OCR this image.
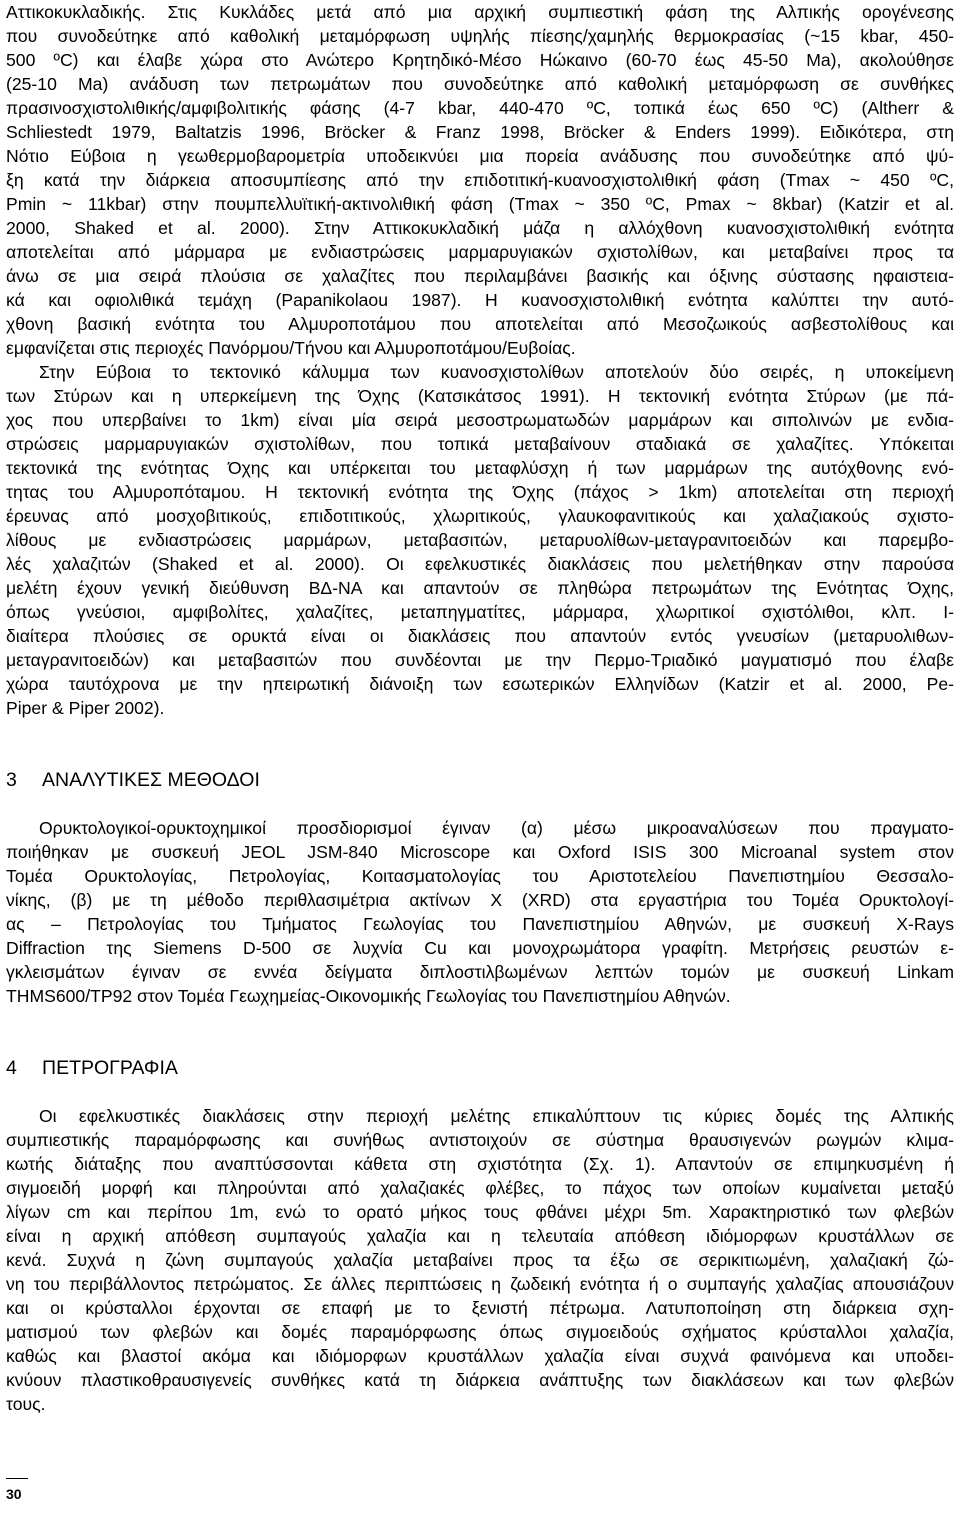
Αττικοκυκλαδικής. Στις Κυκλάδες μετά από μια αρχική συμπιεστική φάση της Αλπικής ορογένεσης
που συνοδεύτηκε από καθολική μεταμόρφωση υψηλής πίεσης/χαμηλής θερμοκρασίας (~15 kbar, 450-
500 ºC) και έλαβε χώρα στο Ανώτερο Κρητηδικό-Μέσο Ηώκαινο (60-70 έως 45-50 Ma), ακολούθησε
(25-10 Ma) ανάδυση των πετρωμάτων που συνοδεύτηκε από καθολική μεταμόρφωση σε συνθήκες
πρασινοσχιστολιθικής/αμφιβολιτικής φάσης (4-7 kbar, 440-470 ºC, τοπικά έως 650 ºC) (Altherr &
Schliestedt 1979, Baltatzis 1996, Bröcker & Franz 1998, Bröcker & Enders 1999). Ειδικότερα, στη
Νότιο Εύβοια η γεωθερμοβαρομετρία υποδεικνύει μια πορεία ανάδυσης που συνοδεύτηκε από ψύ-
ξη κατά την διάρκεια αποσυμπίεσης από την επιδοτιτική-κυανοσχιστολιθική φάση (Tmax ~ 450 ºC,
Pmin ~ 11kbar) στην πουμπελλυϊτική-ακτινολιθική φάση (Tmax ~ 350 ºC, Pmax ~ 8kbar) (Katzir et al.
2000, Shaked et al. 2000). Στην Αττικοκυκλαδική μάζα η αλλόχθονη κυανοσχιστολιθική ενότητα
αποτελείται από μάρμαρα με ενδιαστρώσεις μαρμαρυγιακών σχιστολίθων, και μεταβαίνει προς τα
άνω σε μια σειρά πλούσια σε χαλαζίτες που περιλαμβάνει βασικής και όξινης σύστασης ηφαιστεια-
κά και οφιολιθικά τεμάχη (Papanikolaou 1987). Η κυανοσχιστολιθική ενότητα καλύπτει την αυτό-
χθονη βασική ενότητα του Αλμυροποτάμου που αποτελείται από Μεσοζωικούς ασβεστολίθους και
εμφανίζεται στις περιοχές Πανόρμου/Τήνου και Αλμυροποτάμου/Ευβοίας.
Στην Εύβοια το τεκτονικό κάλυμμα των κυανοσχιστολίθων αποτελούν δύο σειρές, η υποκείμενη
των Στύρων και η υπερκείμενη της Όχης (Κατσικάτσος 1991). Η τεκτονική ενότητα Στύρων (με πά-
χος που υπερβαίνει το 1km) είναι μία σειρά μεσοστρωματωδών μαρμάρων και σιπολινών με ενδια-
στρώσεις μαρμαρυγιακών σχιστολίθων, που τοπικά μεταβαίνουν σταδιακά σε χαλαζίτες. Υπόκειται
τεκτονικά της ενότητας Όχης και υπέρκειται του μεταφλύσχη ή των μαρμάρων της αυτόχθονης ενό-
τητας του Αλμυροπόταμου. Η τεκτονική ενότητα της Όχης (πάχος > 1km) αποτελείται στη περιοχή
έρευνας από μοσχοβιτικούς, επιδοτιτικούς, χλωριτικούς, γλαυκοφανιτικούς και χαλαζιακούς σχιστο-
λίθους με ενδιαστρώσεις μαρμάρων, μεταβασιτών, μεταρυολίθων-μεταγρανιτοειδών και παρεμβο-
λές χαλαζιτών (Shaked et al. 2000). Οι εφελκυστικές διακλάσεις που μελετήθηκαν στην παρούσα
μελέτη έχουν γενική διεύθυνση ΒΔ-ΝΑ και απαντούν σε πληθώρα πετρωμάτων της Ενότητας Όχης,
όπως γνεύσιοι, αμφιβολίτες, χαλαζίτες, μεταπηγματίτες, μάρμαρα, χλωριτικοί σχιστόλιθοι, κλπ. Ι-
διαίτερα πλούσιες σε ορυκτά είναι οι διακλάσεις που απαντούν εντός γνευσίων (μεταρυολιθων-
μεταγρανιτοειδών) και μεταβασιτών που συνδέονται με την Περμο-Τριαδικό μαγματισμό που έλαβε
χώρα ταυτόχρονα με την ηπειρωτική διάνοιξη των εσωτερικών Ελληνίδων (Katzir et al. 2000, Pe-
Piper & Piper 2002).
3 ΑΝΑΛΥΤΙΚΕΣ ΜΕΘΟΔΟΙ
Ορυκτολογικοί-ορυκτοχημικοί προσδιορισμοί έγιναν (α) μέσω μικροαναλύσεων που πραγματο-
ποιήθηκαν με συσκευή JEOL JSM-840 Microscope και Oxford ISIS 300 Microanal system στον
Τομέα Ορυκτολογίας, Πετρολογίας, Κοιτασματολογίας του Αριστοτελείου Πανεπιστημίου Θεσσαλο-
νίκης, (β) με τη μέθοδο περιθλασιμέτρια ακτίνων Χ (XRD) στα εργαστήρια του Τομέα Ορυκτολογί-
ας – Πετρολογίας του Τμήματος Γεωλογίας του Πανεπιστημίου Αθηνών, με συσκευή X-Rays
Diffraction της Siemens D-500 σε λυχνία Cu και μονοχρωμάτορα γραφίτη. Μετρήσεις ρευστών ε-
γκλεισμάτων έγιναν σε εννέα δείγματα διπλοστιλβωμένων λεπτών τομών με συσκευή Linkam
THMS600/TP92 στον Τομέα Γεωχημείας-Οικονομικής Γεωλογίας του Πανεπιστημίου Αθηνών.
4 ΠΕΤΡΟΓΡΑΦΙΑ
Οι εφελκυστικές διακλάσεις στην περιοχή μελέτης επικαλύπτουν τις κύριες δομές της Αλπικής
συμπιεστικής παραμόρφωσης και συνήθως αντιστοιχούν σε σύστημα θραυσιγενών ρωγμών κλιμα-
κωτής διάταξης που αναπτύσσονται κάθετα στη σχιστότητα (Σχ. 1). Απαντούν σε επιμηκυσμένη ή
σιγμοειδή μορφή και πληρούνται από χαλαζιακές φλέβες, το πάχος των οποίων κυμαίνεται μεταξύ
λίγων cm και περίπου 1m, ενώ το ορατό μήκος τους φθάνει μέχρι 5m. Χαρακτηριστικό των φλεβών
είναι η αρχική απόθεση συμπαγούς χαλαζία και η τελευταία απόθεση ιδιόμορφων κρυστάλλων σε
κενά. Συχνά η ζώνη συμπαγούς χαλαζία μεταβαίνει προς τα έξω σε σερικιτιωμένη, χαλαζιακή ζώ-
νη του περιβάλλοντος πετρώματος. Σε άλλες περιπτώσεις η ζωδεική ενότητα ή ο συμπαγής χαλαζίας απουσιάζουν
και οι κρύσταλλοι έρχονται σε επαφή με το ξενιστή πέτρωμα. Λατυποποίηση στη διάρκεια σχη-
ματισμού των φλεβών και δομές παραμόρφωσης όπως σιγμοειδούς σχήματος κρύσταλλοι χαλαζία,
καθώς και βλαστοί ακόμα και ιδιόμορφων κρυστάλλων χαλαζία είναι συχνά φαινόμενα και υποδει-
κνύουν πλαστικοθραυσιγενείς συνθήκες κατά τη διάρκεια ανάπτυξης των διακλάσεων και των φλεβών
τους.
30
